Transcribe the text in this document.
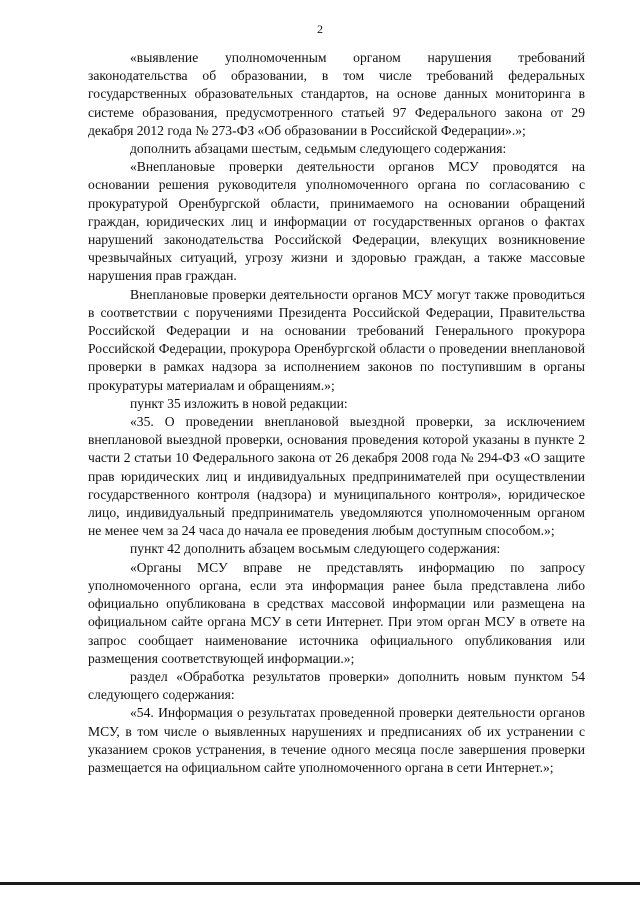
2

«выявление уполномоченным органом нарушения требований законодательства об образовании, в том числе требований федеральных государственных образовательных стандартов, на основе данных мониторинга в системе образования, предусмотренного статьей 97 Федерального закона от 29 декабря 2012 года № 273-ФЗ «Об образовании в Российской Федерации».»;

дополнить абзацами шестым, седьмым следующего содержания:

«Внеплановые проверки деятельности органов МСУ проводятся на основании решения руководителя уполномоченного органа по согласованию с прокуратурой Оренбургской области, принимаемого на основании обращений граждан, юридических лиц и информации от государственных органов о фактах нарушений законодательства Российской Федерации, влекущих возникновение чрезвычайных ситуаций, угрозу жизни и здоровью граждан, а также массовые нарушения прав граждан.

Внеплановые проверки деятельности органов МСУ могут также проводиться в соответствии с поручениями Президента Российской Федерации, Правительства Российской Федерации и на основании требований Генерального прокурора Российской Федерации, прокурора Оренбургской области о проведении внеплановой проверки в рамках надзора за исполнением законов по поступившим в органы прокуратуры материалам и обращениям.»;

пункт 35 изложить в новой редакции:

«35. О проведении внеплановой выездной проверки, за исключением внеплановой выездной проверки, основания проведения которой указаны в пункте 2 части 2 статьи 10 Федерального закона от 26 декабря 2008 года № 294-ФЗ «О защите прав юридических лиц и индивидуальных предпринимателей при осуществлении государственного контроля (надзора) и муниципального контроля», юридическое лицо, индивидуальный предприниматель уведомляются уполномоченным органом не менее чем за 24 часа до начала ее проведения любым доступным способом.»;

пункт 42 дополнить абзацем восьмым следующего содержания:

«Органы МСУ вправе не представлять информацию по запросу уполномоченного органа, если эта информация ранее была представлена либо официально опубликована в средствах массовой информации или размещена на официальном сайте органа МСУ в сети Интернет. При этом орган МСУ в ответе на запрос сообщает наименование источника официального опубликования или размещения соответствующей информации.»;

раздел «Обработка результатов проверки» дополнить новым пунктом 54 следующего содержания:

«54. Информация о результатах проведенной проверки деятельности органов МСУ, в том числе о выявленных нарушениях и предписаниях об их устранении с указанием сроков устранения, в течение одного месяца после завершения проверки размещается на официальном сайте уполномоченного органа в сети Интернет.»;
